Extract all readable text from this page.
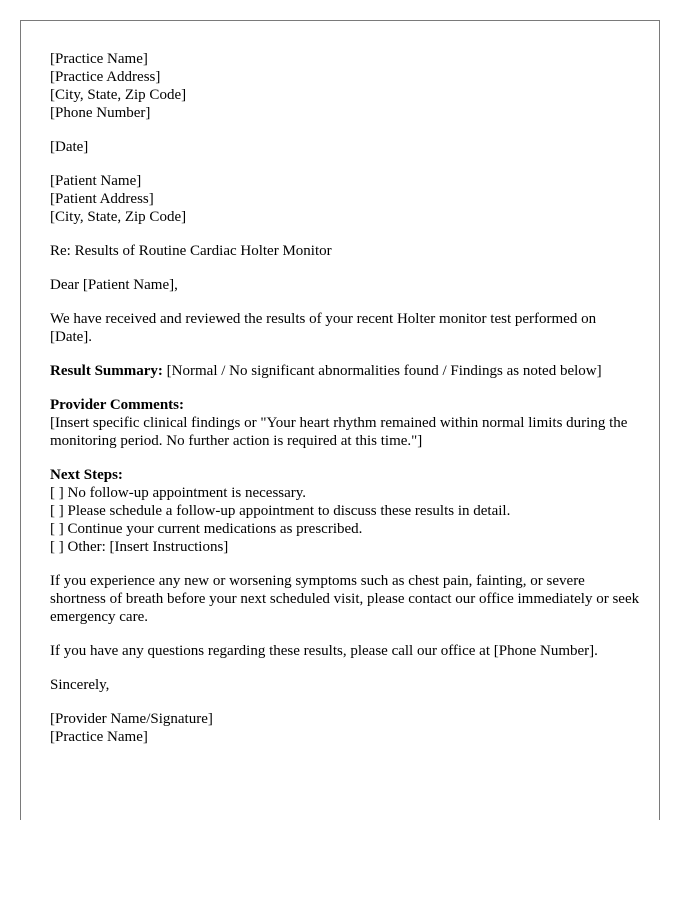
[Practice Name]
[Practice Address]
[City, State, Zip Code]
[Phone Number]
[Date]
[Patient Name]
[Patient Address]
[City, State, Zip Code]

Re: Results of Routine Cardiac Holter Monitor

Dear [Patient Name],

We have received and reviewed the results of your recent Holter monitor test performed on [Date].

Result Summary: [Normal / No significant abnormalities found / Findings as noted below]

Provider Comments:
[Insert specific clinical findings or "Your heart rhythm remained within normal limits during the monitoring period. No further action is required at this time."]
Next Steps:
[ ] No follow-up appointment is necessary.
[ ] Please schedule a follow-up appointment to discuss these results in detail.
[ ] Continue your current medications as prescribed.
[ ] Other: [Insert Instructions]

If you experience any new or worsening symptoms such as chest pain, fainting, or severe shortness of breath before your next scheduled visit, please contact our office immediately or seek emergency care.

If you have any questions regarding these results, please call our office at [Phone Number].

Sincerely,

[Provider Name/Signature]
[Practice Name]
